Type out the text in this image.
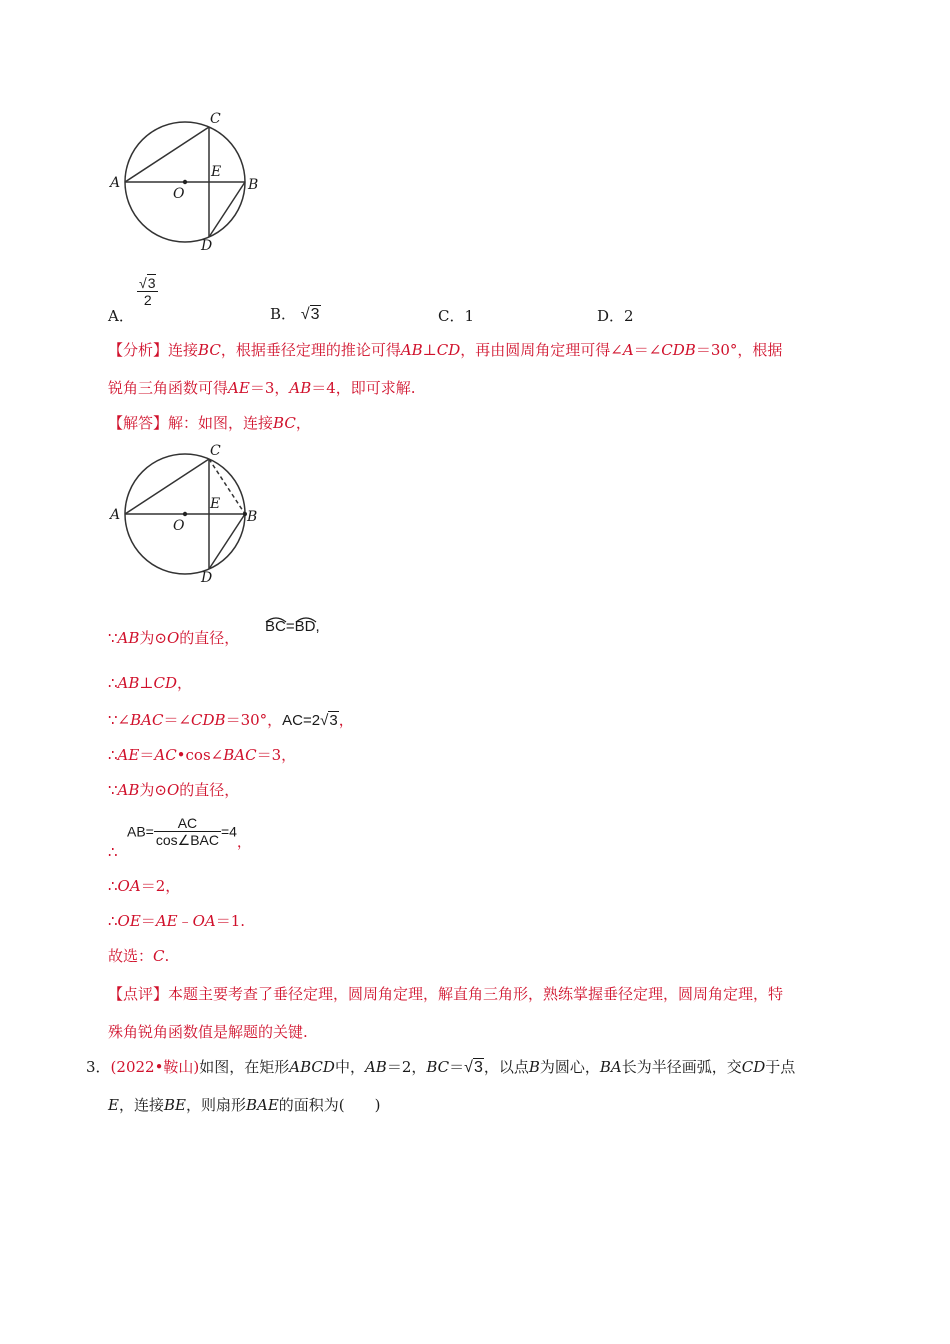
A	B
C
D
E
O
A．
$\frac{√3}{2}$
B． √3	C．1	D．2
【分析】连接BC，根据垂径定理的推论可得AB⊥CD，再由圆周角定理可得∠A＝∠CDB＝30°，根据
锐角三角函数可得AE＝3，AB＝4，即可求解.
【解答】解：如图，连接BC，
A	B
C
D
E
O
∵AB为⊙O的直径，
BC=
BD,
∴AB⊥CD，
∵∠BAC＝∠CDB＝30°，AC=2√3，
∴AE＝AC•cos∠BAC＝3，
∵AB为⊙O的直径，
∴
$AB= \frac{AC}{\text{cos∠BAC}} =4$，
∴OA＝2，
∴OE＝AE﹣OA＝1.
故选：C.
【点评】本题主要考查了垂径定理，圆周角定理，解直角三角形，熟练掌握垂径定理，圆周角定理，特
殊角锐角函数值是解题的关键.
3．(2022•鞍山)如图，在矩形ABCD中，AB＝2，BC＝√3，以点B为圆心，BA长为半径画弧，交CD于点
E，连接BE，则扇形BAE的面积为(　　)
